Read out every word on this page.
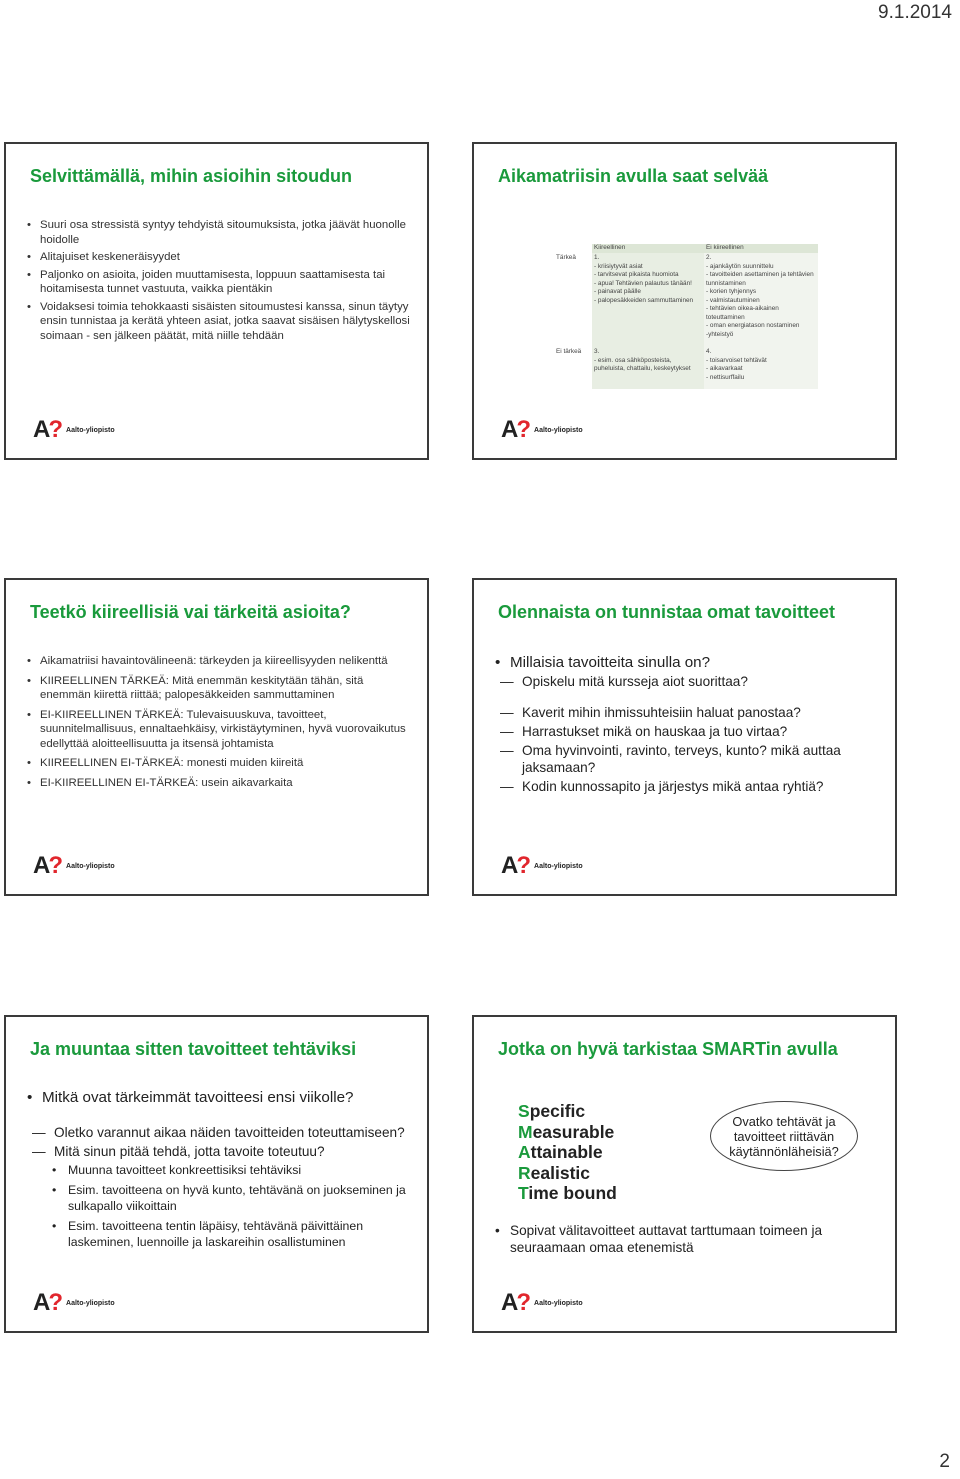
9.1.2014
Selvittämällä, mihin asioihin sitoudun
• Suuri osa stressistä syntyy tehdyistä sitoumuksista, jotka jäävät huonolle hoidolle
• Alitajuiset keskeneräisyydet
• Paljonko on asioita, joiden muuttamisesta, loppuun saattamisesta tai hoitamisesta tunnet vastuuta, vaikka pientäkin
• Voidaksesi toimia tehokkaasti sisäisten sitoumustesi kanssa, sinun täytyy ensin tunnistaa ja kerätä yhteen asiat, jotka saavat sisäisen hälytyskellosi soimaan - sen jälkeen päätät, mitä niille tehdään
A? Aalto-yliopisto
Aikamatriisin avulla saat selvää
Kiireellinen	Ei kiireellinen
Tärkeä
Ei tärkeä
1.
- kriisiytyvät asiat
- tarvitsevat pikaista huomiota
- apua! Tehtävien palautus tänään!
- painavat päälle
- palopesäkkeiden sammuttaminen
2.
- ajankäytön suunnittelu
- tavoitteiden asettaminen ja tehtävien tunnistaminen
- korien tyhjennys
- valmistautuminen
- tehtävien oikea-aikainen toteuttaminen
- oman energiatason nostaminen
-yhteistyö
3.
- esim. osa sähköposteista, puheluista, chattailu, keskeytykset
4.
- toisarvoiset tehtävät
- aikavarkaat
- nettisurffailu
A? Aalto-yliopisto
Teetkö kiireellisiä vai tärkeitä asioita?
• Aikamatriisi havaintovälineenä: tärkeyden ja kiireellisyyden nelikenttä
• KIIREELLINEN TÄRKEÄ: Mitä enemmän keskitytään tähän, sitä enemmän kiirettä riittää; palopesäkkeiden sammuttaminen
• EI-KIIREELLINEN TÄRKEÄ: Tulevaisuuskuva, tavoitteet, suunnitelmallisuus, ennaltaehkäisy, virkistäytyminen, hyvä vuorovaikutus edellyttää aloitteellisuutta ja itsensä johtamista
• KIIREELLINEN EI-TÄRKEÄ: monesti muiden kiireitä
• EI-KIIREELLINEN EI-TÄRKEÄ: usein aikavarkaita
A? Aalto-yliopisto
Olennaista on tunnistaa omat tavoitteet
• Millaisia tavoitteita sinulla on?
— Opiskelu mitä kursseja aiot suorittaa?
— Kaverit mihin ihmissuhteisiin haluat panostaa?
— Harrastukset mikä on hauskaa ja tuo virtaa?
— Oma hyvinvointi, ravinto, terveys, kunto? mikä auttaa jaksamaan?
— Kodin kunnossapito ja järjestys mikä antaa ryhtiä?
A? Aalto-yliopisto
Ja muuntaa sitten tavoitteet tehtäviksi
• Mitkä ovat tärkeimmät tavoitteesi ensi viikolle?
— Oletko varannut aikaa näiden tavoitteiden toteuttamiseen?
— Mitä sinun pitää tehdä, jotta tavoite toteutuu?
• Muunna tavoitteet konkreettisiksi tehtäviksi
• Esim. tavoitteena on hyvä kunto, tehtävänä on juokseminen ja sulkapallo viikoittain
• Esim. tavoitteena tentin läpäisy, tehtävänä päivittäinen laskeminen, luennoille ja laskareihin osallistuminen
A? Aalto-yliopisto
Jotka on hyvä tarkistaa SMARTin avulla
Specific
Measurable
Attainable
Realistic
Time bound
Ovatko tehtävät ja tavoitteet riittävän käytännönläheisiä?
• Sopivat välitavoitteet auttavat tarttumaan toimeen ja seuraamaan omaa etenemistä
A? Aalto-yliopisto
2
